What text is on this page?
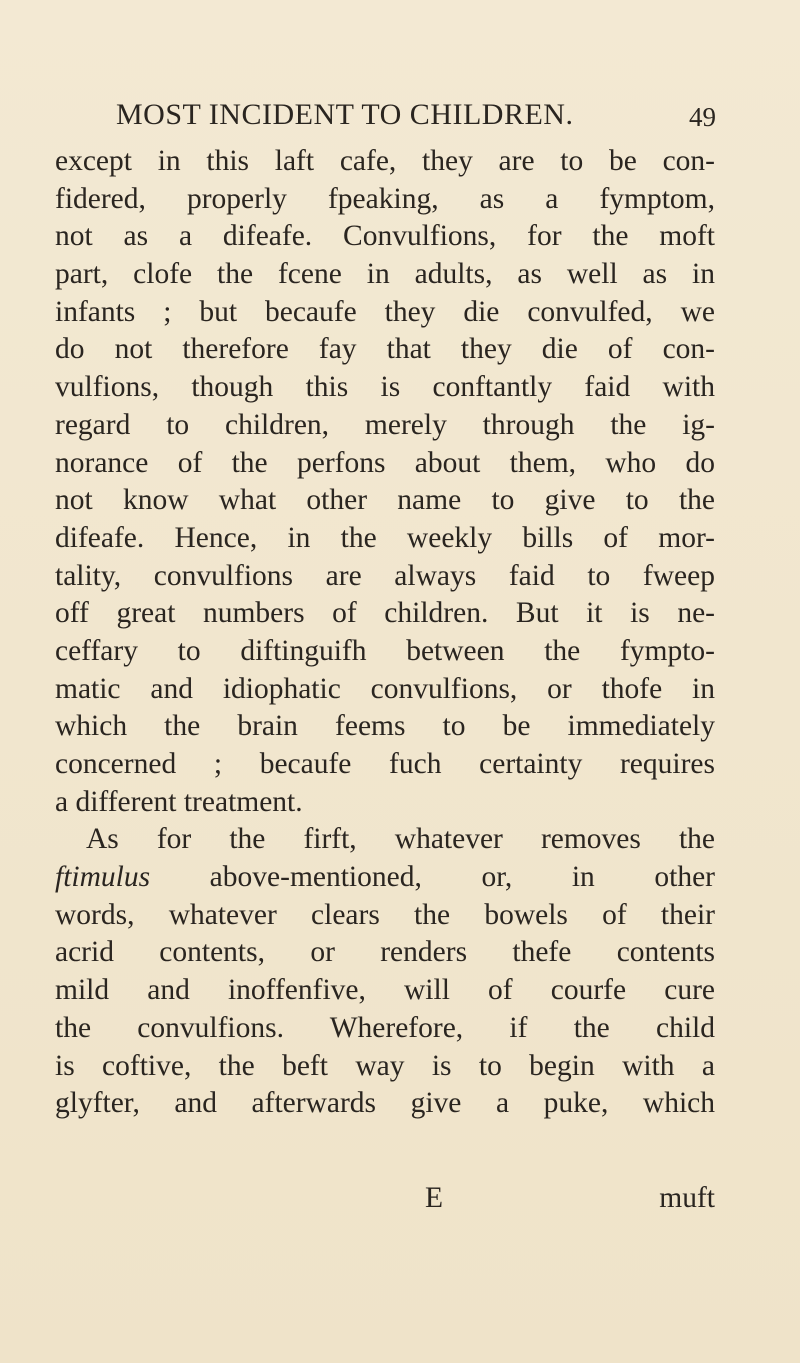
MOST INCIDENT TO CHILDREN.	49
except in this laft cafe, they are to be con-
fidered, properly fpeaking, as a fymptom,
not as a difeafe. Convulfions, for the moft
part, clofe the fcene in adults, as well as in
infants ; but becaufe they die convulfed, we
do not therefore fay that they die of con-
vulfions, though this is conftantly faid with
regard to children, merely through the ig-
norance of the perfons about them, who do
not know what other name to give to the
difeafe. Hence, in the weekly bills of mor-
tality, convulfions are always faid to fweep
off great numbers of children. But it is ne-
ceffary to diftinguifh between the fympto-
matic and idiophatic convulfions, or thofe in
which the brain feems to be immediately
concerned ; becaufe fuch certainty requires
a different treatment.
As for the firft, whatever removes the
ftimulus above-mentioned, or, in other
words, whatever clears the bowels of their
acrid contents, or renders thefe contents
mild and inoffenfive, will of courfe cure
the convulfions. Wherefore, if the child
is coftive, the beft way is to begin with a
glyfter, and afterwards give a puke, which
E	muft
